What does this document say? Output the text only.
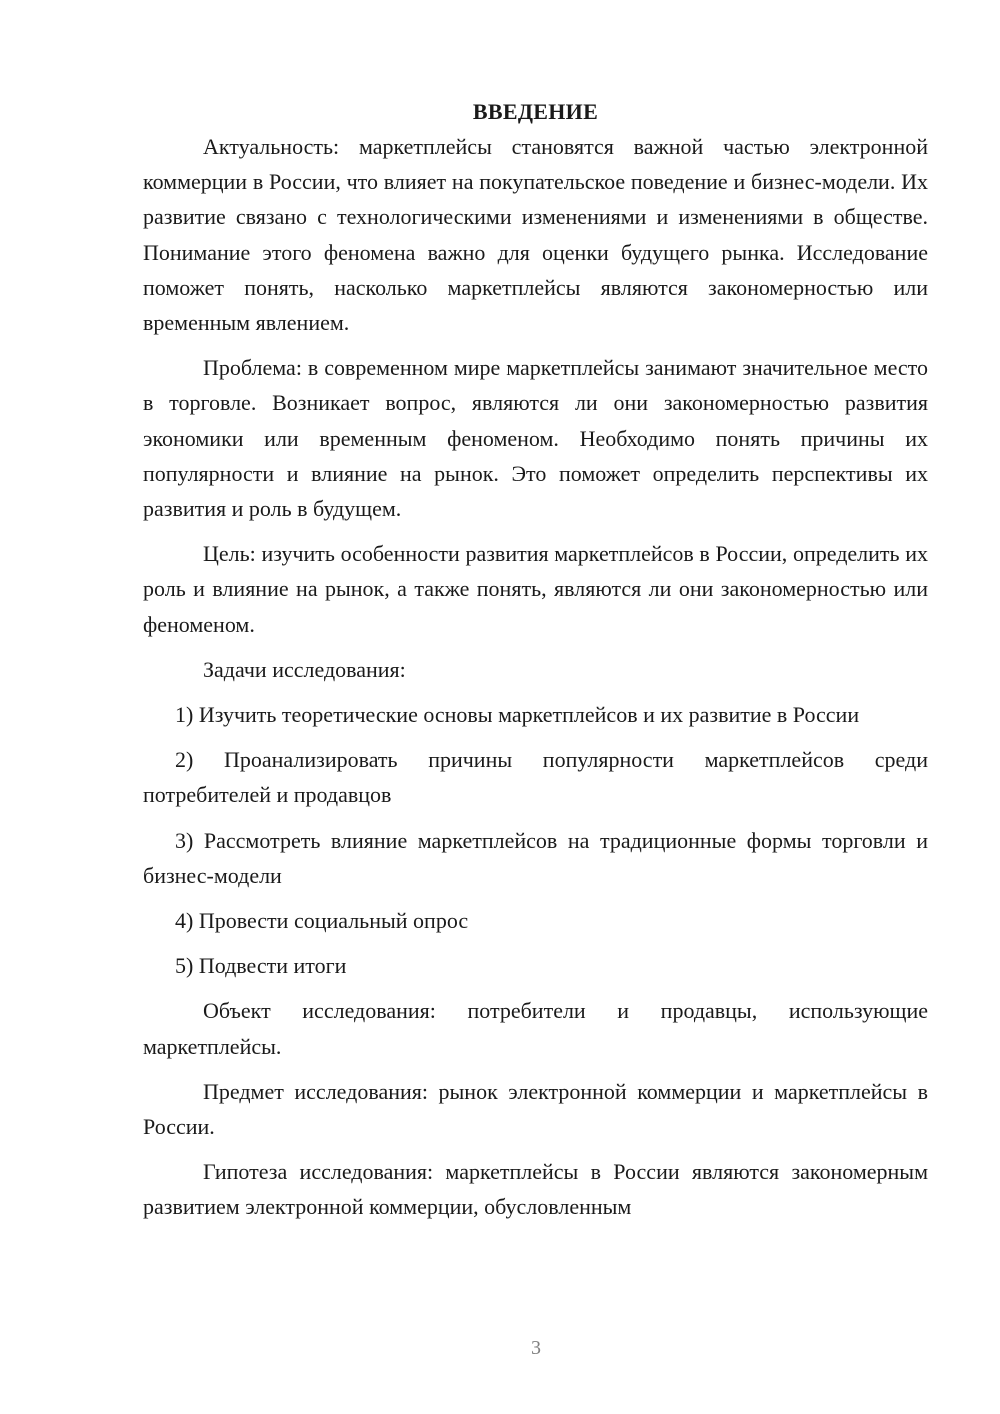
ВВЕДЕНИЕ

Актуальность: маркетплейсы становятся важной частью электронной коммерции в России, что влияет на покупательское поведение и бизнес-модели. Их развитие связано с технологическими изменениями и изменениями в обществе. Понимание этого феномена важно для оценки будущего рынка. Исследование поможет понять, насколько маркетплейсы являются закономерностью или временным явлением.

Проблема: в современном мире маркетплейсы занимают значительное место в торговле. Возникает вопрос, являются ли они закономерностью развития экономики или временным феноменом. Необходимо понять причины их популярности и влияние на рынок. Это поможет определить перспективы их развития и роль в будущем.

Цель: изучить особенности развития маркетплейсов в России, определить их роль и влияние на рынок, а также понять, являются ли они закономерностью или феноменом.

Задачи исследования:

1) Изучить теоретические основы маркетплейсов и их развитие в России

2) Проанализировать причины популярности маркетплейсов среди потребителей и продавцов

3) Рассмотреть влияние маркетплейсов на традиционные формы торговли и бизнес-модели

4) Провести социальный опрос

5) Подвести итоги

Объект исследования: потребители и продавцы, использующие маркетплейсы.

Предмет исследования: рынок электронной коммерции и маркетплейсы в России.

Гипотеза исследования: маркетплейсы в России являются закономерным развитием электронной коммерции, обусловленным

3
